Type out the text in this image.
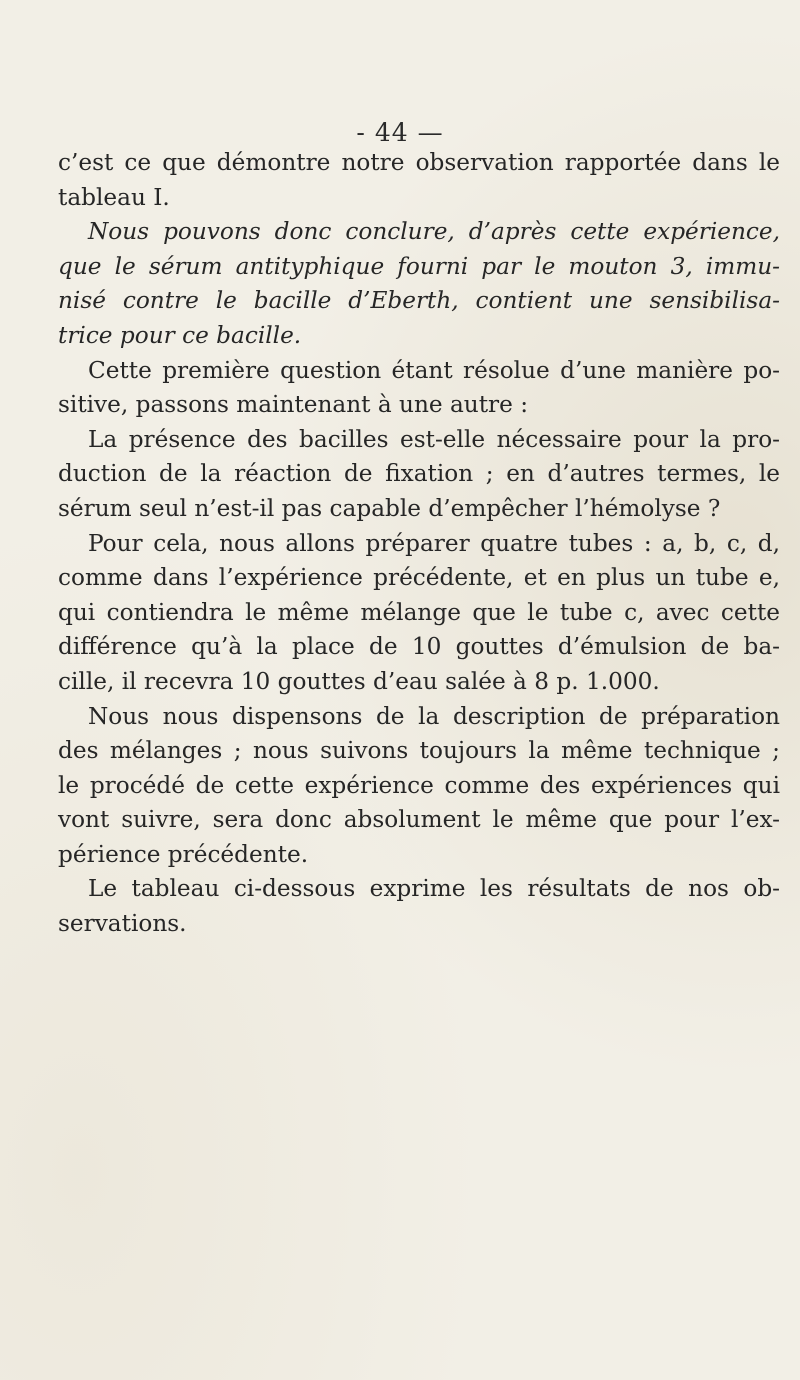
- 44 —

c’est ce que démontre notre observation rapportée dans le
tableau I.

Nous pouvons donc conclure, d’après cette expérience,
que le sérum antityphique fourni par le mouton 3, immu-
nisé contre le bacille d’Eberth, contient une sensibilisa-
trice pour ce bacille.

Cette première question étant résolue d’une manière po-
sitive, passons maintenant à une autre :

La présence des bacilles est-elle nécessaire pour la pro-
duction de la réaction de fixation ; en d’autres termes, le
sérum seul n’est-il pas capable d’empêcher l’hémolyse ?

Pour cela, nous allons préparer quatre tubes : a, b, c, d,
comme dans l’expérience précédente, et en plus un tube e,
qui contiendra le même mélange que le tube c, avec cette
différence qu’à la place de 10 gouttes d’émulsion de ba-
cille, il recevra 10 gouttes d’eau salée à 8 p. 1.000.

Nous nous dispensons de la description de préparation
des mélanges ; nous suivons toujours la même technique ;
le procédé de cette expérience comme des expériences qui
vont suivre, sera donc absolument le même que pour l’ex-
périence précédente.

Le tableau ci-dessous exprime les résultats de nos ob-
servations.
